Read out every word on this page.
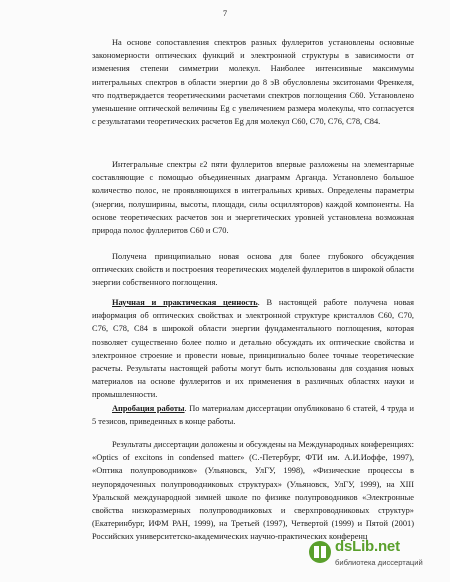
7

На основе сопоставления спектров разных фуллеритов установлены основные закономерности оптических функций и электронной структуры в зависимости от изменения степени симметрии молекул. Наиболее интенсивные максимумы интегральных спектров в области энергии до 8 эВ обусловлены экситонами Френкеля, что подтверждается теоретическими расчетами спектров поглощения C60. Установлено уменьшение оптической величины Eg с увеличением размера молекулы, что согласуется с результатами теоретических расчетов Eg для молекул C60, C70, C76, C78, C84.

Интегральные спектры ε2 пяти фуллеритов впервые разложены на элементарные составляющие с помощью объединенных диаграмм Арганда. Установлено большое количество полос, не проявляющихся в интегральных кривых. Определены параметры (энергии, полуширины, высоты, площади, силы осцилляторов) каждой компоненты. На основе теоретических расчетов зон и энергетических уровней установлена возможная природа полос фуллеритов C60 и C70.

Получена принципиально новая основа для более глубокого обсуждения оптических свойств и построения теоретических моделей фуллеритов в широкой области энергии собственного поглощения.

Научная и практическая ценность. В настоящей работе получена новая информация об оптических свойствах и электронной структуре кристаллов C60, C70, C76, C78, C84 в широкой области энергии фундаментального поглощения, которая позволяет существенно более полно и детально обсуждать их оптические свойства и электронное строение и провести новые, принципиально более точные теоретические расчеты. Результаты настоящей работы могут быть использованы для создания новых материалов на основе фуллеритов и их применения в различных областях науки и промышленности.

Апробация работы. По материалам диссертации опубликовано 6 статей, 4 труда и 5 тезисов, приведенных в конце работы.

Результаты диссертации доложены и обсуждены на Международных конференциях: «Optics of excitons in condensed matter» (С.-Петербург, ФТИ им. А.И.Иоффе, 1997), «Оптика полупроводников» (Ульяновск, УлГУ, 1998), «Физические процессы в неупорядоченных полупроводниковых структурах» (Ульяновск, УлГУ, 1999), на XIII Уральской международной зимней школе по физике полупроводников «Электронные свойства низкоразмерных полупроводниковых и сверхпроводниковых структур» (Екатеринбург, ИФМ РАН, 1999), на Третьей (1997), Четвертой (1999) и Пятой (2001) Российских университетско-академических научно-практических конференц

dsLib.net
библиотека диссертаций
